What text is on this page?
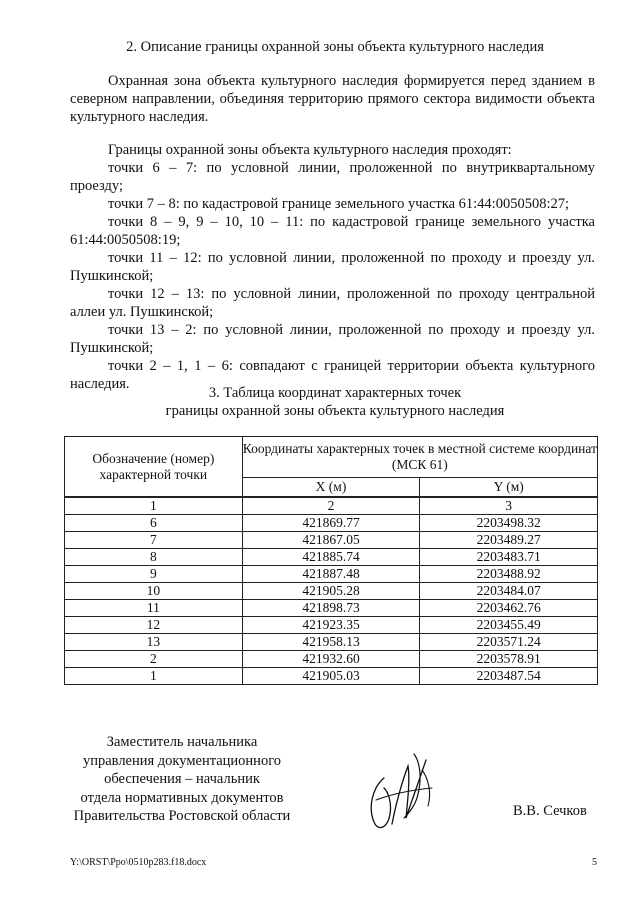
2. Описание границы охранной зоны объекта культурного наследия
Охранная зона объекта культурного наследия формируется перед зданием в северном направлении, объединяя территорию прямого сектора видимости объекта культурного наследия.

Границы охранной зоны объекта культурного наследия проходят:

точки 6 – 7: по условной линии, проложенной по внутриквартальному проезду;

точки 7 – 8: по кадастровой границе земельного участка 61:44:0050508:27;

точки 8 – 9, 9 – 10, 10 – 11: по кадастровой границе земельного участка 61:44:0050508:19;

точки 11 – 12: по условной линии, проложенной по проходу и проезду ул. Пушкинской;

точки 12 – 13: по условной линии, проложенной по проходу центральной аллеи ул. Пушкинской;

точки 13 – 2: по условной линии, проложенной по проходу и проезду ул. Пушкинской;

точки 2 – 1, 1 – 6: совпадают с границей территории объекта культурного наследия.

3. Таблица координат характерных точек
границы охранной зоны объекта культурного наследия
Обозначение (номер) характерной точки	Координаты характерных точек в местной системе координат (МСК 61)	
	X (м)	Y (м)
1	2	3
6	421869.77	2203498.32
7	421867.05	2203489.27
8	421885.74	2203483.71
9	421887.48	2203488.92
10	421905.28	2203484.07
11	421898.73	2203462.76
12	421923.35	2203455.49
13	421958.13	2203571.24
2	421932.60	2203578.91
1	421905.03	2203487.54
Заместитель начальника
управления документационного
обеспечения – начальник
отдела нормативных документов
Правительства Ростовской области	В.В. Сечков
Y:\ORST\Ppo\0510p283.f18.docx	5
